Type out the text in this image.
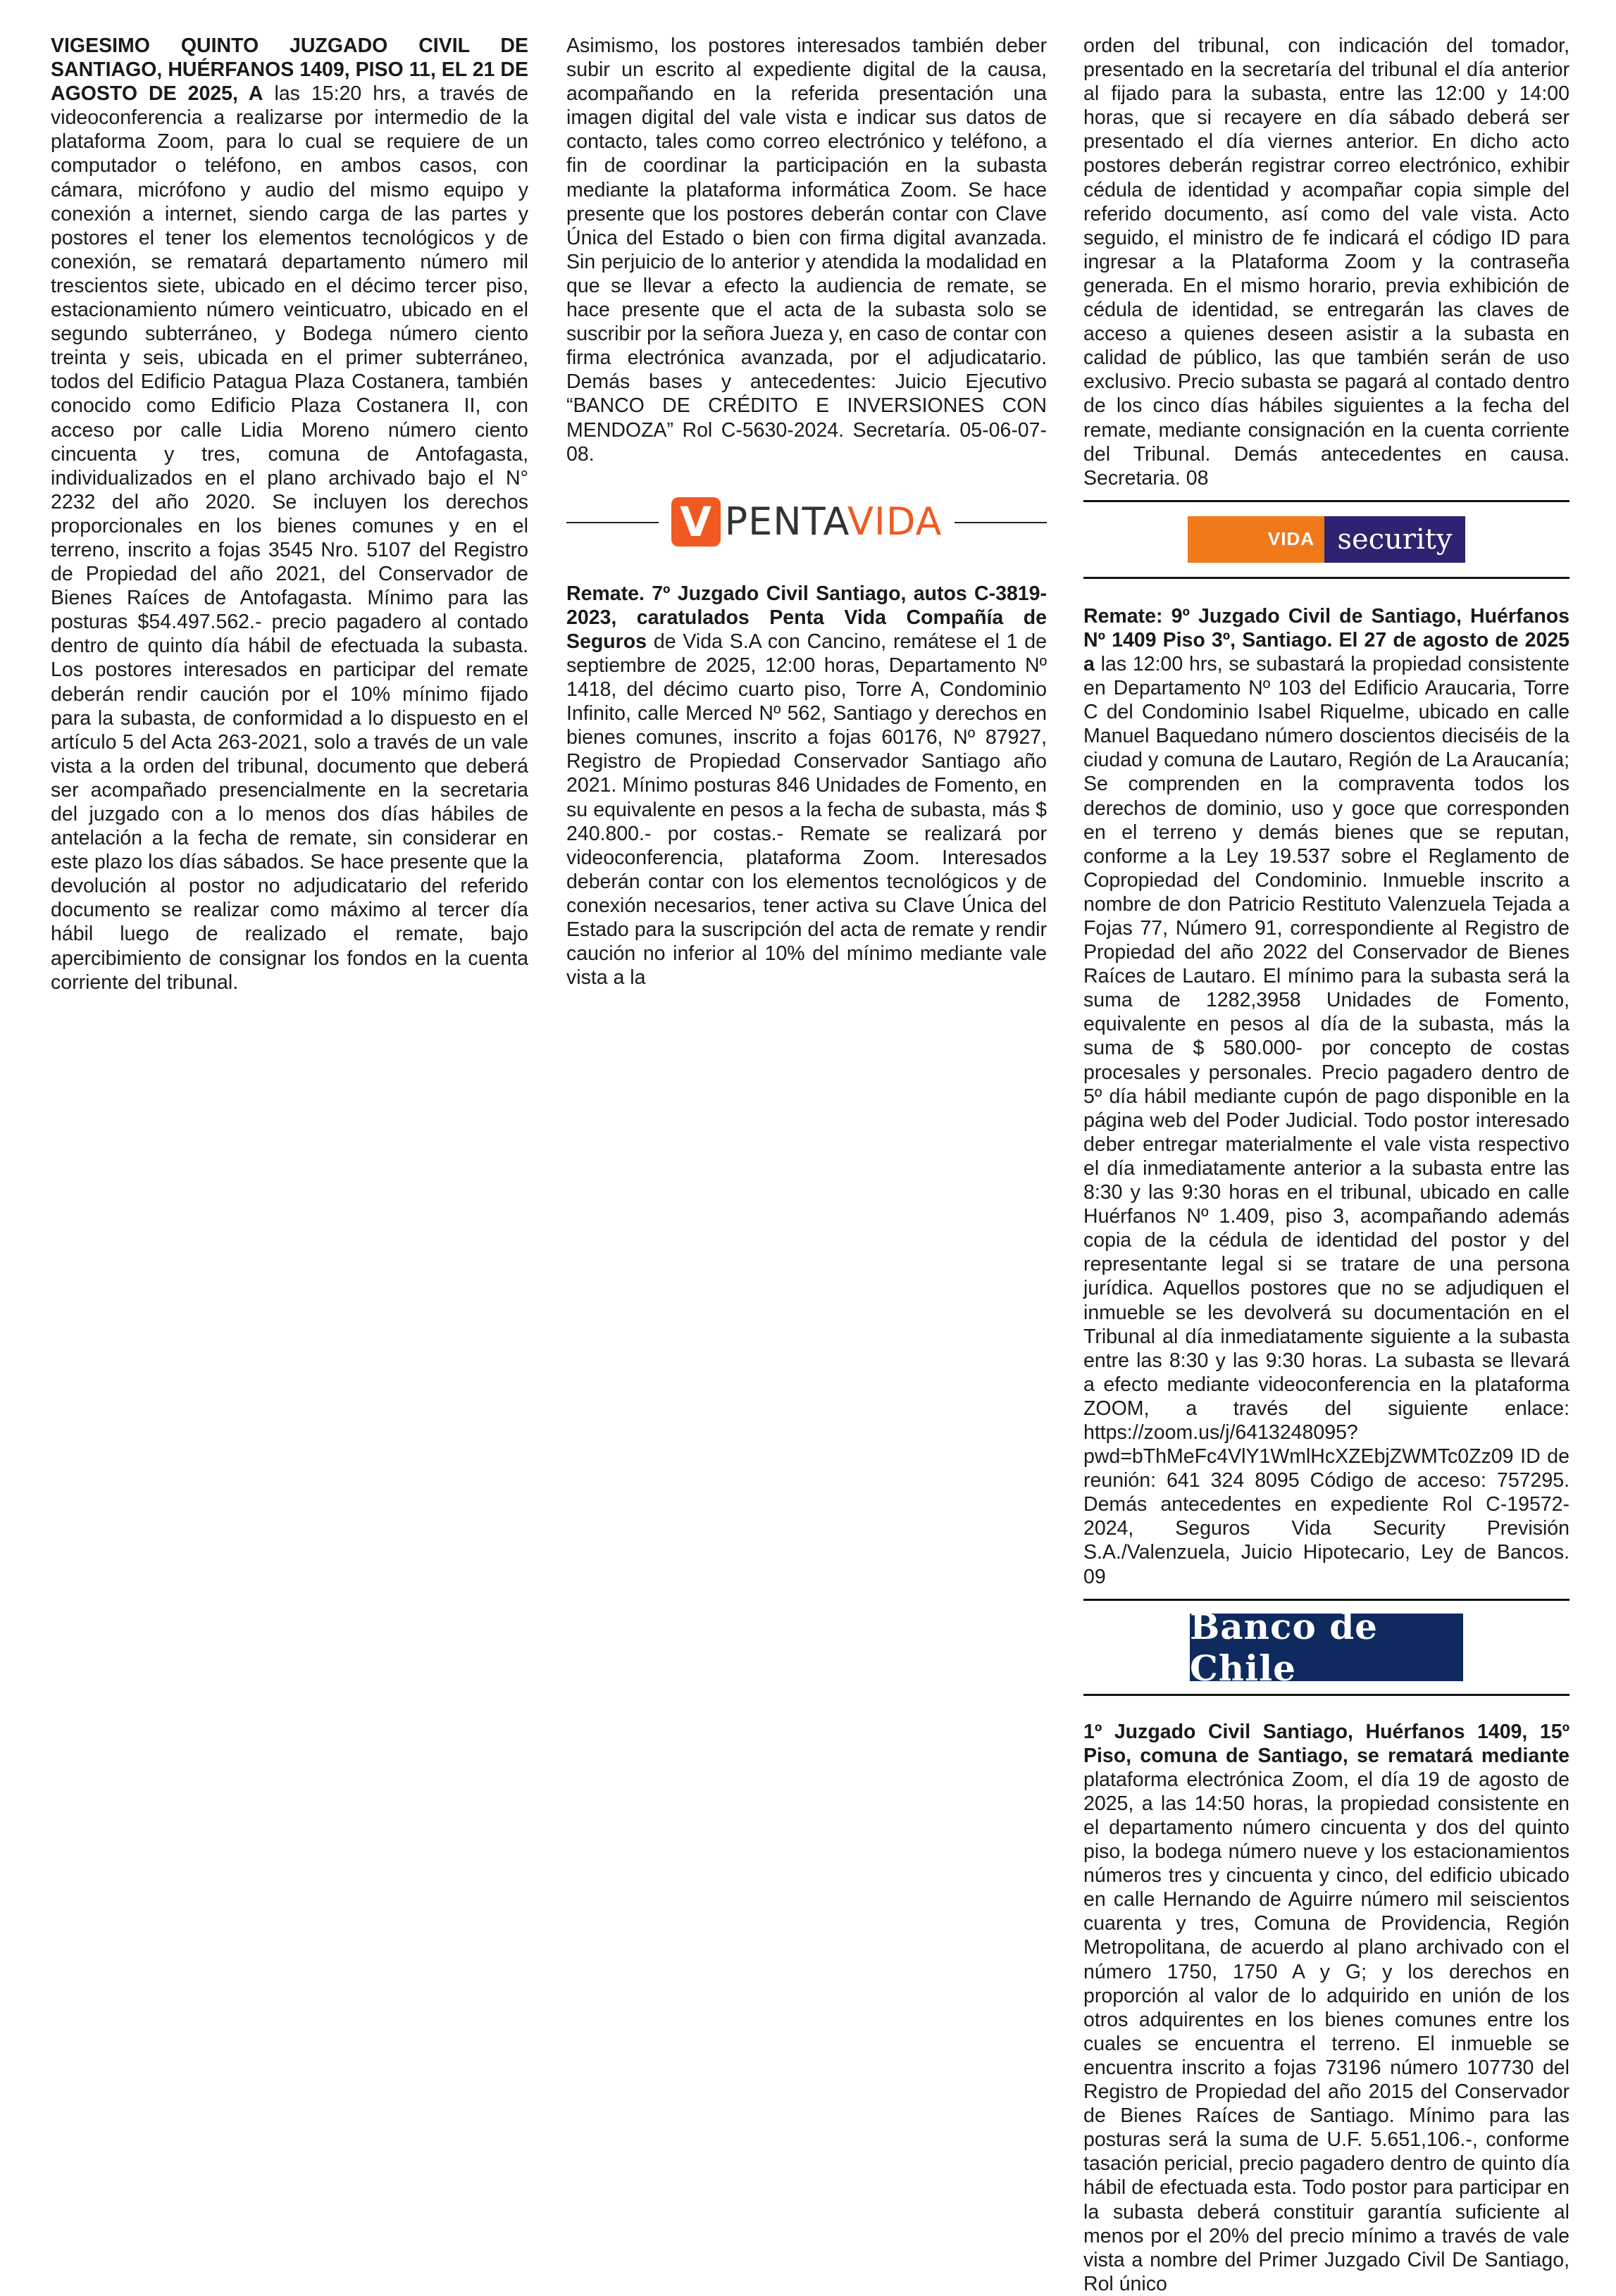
VIGESIMO QUINTO JUZGADO CIVIL DE SANTIAGO, HUÉRFANOS 1409, PISO 11, EL 21 DE AGOSTO DE 2025, A las 15:20 hrs, a través de videoconferencia a realizarse por intermedio de la plataforma Zoom, para lo cual se requiere de un computador o teléfono, en ambos casos, con cámara, micrófono y audio del mismo equipo y conexión a internet, siendo carga de las partes y postores el tener los elementos tecnológicos y de conexión, se rematará departamento número mil trescientos siete, ubicado en el décimo tercer piso, estacionamiento número veinticuatro, ubicado en el segundo subterráneo, y Bodega número ciento treinta y seis, ubicada en el primer subterráneo, todos del Edificio Patagua Plaza Costanera, también conocido como Edificio Plaza Costanera II, con acceso por calle Lidia Moreno número ciento cincuenta y tres, comuna de Antofagasta, individualizados en el plano archivado bajo el N° 2232 del año 2020. Se incluyen los derechos proporcionales en los bienes comunes y en el terreno, inscrito a fojas 3545 Nro. 5107 del Registro de Propiedad del año 2021, del Conservador de Bienes Raíces de Antofagasta. Mínimo para las posturas $54.497.562.- precio pagadero al contado dentro de quinto día hábil de efectuada la subasta. Los postores interesados en participar del remate deberán rendir caución por el 10% mínimo fijado para la subasta, de conformidad a lo dispuesto en el artículo 5 del Acta 263-2021, solo a través de un vale vista a la orden del tribunal, documento que deberá ser acompañado presencialmente en la secretaria del juzgado con a lo menos dos días hábiles de antelación a la fecha de remate, sin considerar en este plazo los días sábados. Se hace presente que la devolución al postor no adjudicatario del referido documento se realizar como máximo al tercer día hábil luego de realizado el remate, bajo apercibimiento de consignar los fondos en la cuenta corriente del tribunal.

Asimismo, los postores interesados también deber subir un escrito al expediente digital de la causa, acompañando en la referida presentación una imagen digital del vale vista e indicar sus datos de contacto, tales como correo electrónico y teléfono, a fin de coordinar la participación en la subasta mediante la plataforma informática Zoom. Se hace presente que los postores deberán contar con Clave Única del Estado o bien con firma digital avanzada. Sin perjuicio de lo anterior y atendida la modalidad en que se llevar a efecto la audiencia de remate, se hace presente que el acta de la subasta solo se suscribir por la señora Jueza y, en caso de contar con firma electrónica avanzada, por el adjudicatario. Demás bases y antecedentes: Juicio Ejecutivo “BANCO DE CRÉDITO E INVERSIONES CON MENDOZA” Rol C-5630-2024. Secretaría. 05-06-07-08.

V PENTAVIDA

Remate. 7º Juzgado Civil Santiago, autos C-3819-2023, caratulados Penta Vida Compañía de Seguros de Vida S.A con Cancino, remátese el 1 de septiembre de 2025, 12:00 horas, Departamento Nº 1418, del décimo cuarto piso, Torre A, Condominio Infinito, calle Merced Nº 562, Santiago y derechos en bienes comunes, inscrito a fojas 60176, Nº 87927, Registro de Propiedad Conservador Santiago año 2021. Mínimo posturas 846 Unidades de Fomento, en su equivalente en pesos a la fecha de subasta, más $ 240.800.- por costas.- Remate se realizará por videoconferencia, plataforma Zoom. Interesados deberán contar con los elementos tecnológicos y de conexión necesarios, tener activa su Clave Única del Estado para la suscripción del acta de remate y rendir caución no inferior al 10% del mínimo mediante vale vista a la

orden del tribunal, con indicación del tomador, presentado en la secretaría del tribunal el día anterior al fijado para la subasta, entre las 12:00 y 14:00 horas, que si recayere en día sábado deberá ser presentado el día viernes anterior. En dicho acto postores deberán registrar correo electrónico, exhibir cédula de identidad y acompañar copia simple del referido documento, así como del vale vista. Acto seguido, el ministro de fe indicará el código ID para ingresar a la Plataforma Zoom y la contraseña generada. En el mismo horario, previa exhibición de cédula de identidad, se entregarán las claves de acceso a quienes deseen asistir a la subasta en calidad de público, las que también serán de uso exclusivo. Precio subasta se pagará al contado dentro de los cinco días hábiles siguientes a la fecha del remate, mediante consignación en la cuenta corriente del Tribunal. Demás antecedentes en causa. Secretaria. 08

VIDA security

Remate: 9º Juzgado Civil de Santiago, Huérfanos Nº 1409 Piso 3º, Santiago. El 27 de agosto de 2025 a las 12:00 hrs, se subastará la propiedad consistente en Departamento Nº 103 del Edificio Araucaria, Torre C del Condominio Isabel Riquelme, ubicado en calle Manuel Baquedano número doscientos dieciséis de la ciudad y comuna de Lautaro, Región de La Araucanía; Se comprenden en la compraventa todos los derechos de dominio, uso y goce que corresponden en el terreno y demás bienes que se reputan, conforme a la Ley 19.537 sobre el Reglamento de Copropiedad del Condominio. Inmueble inscrito a nombre de don Patricio Restituto Valenzuela Tejada a Fojas 77, Número 91, correspondiente al Registro de Propiedad del año 2022 del Conservador de Bienes Raíces de Lautaro. El mínimo para la subasta será la suma de 1282,3958 Unidades de Fomento, equivalente en pesos al día de la subasta, más la suma de $ 580.000- por concepto de costas procesales y personales. Precio pagadero dentro de 5º día hábil mediante cupón de pago disponible en la página web del Poder Judicial. Todo postor interesado deber entregar materialmente el vale vista respectivo el día inmediatamente anterior a la subasta entre las 8:30 y las 9:30 horas en el tribunal, ubicado en calle Huérfanos Nº 1.409, piso 3, acompañando además copia de la cédula de identidad del postor y del representante legal si se tratare de una persona jurídica. Aquellos postores que no se adjudiquen el inmueble se les devolverá su documentación en el Tribunal al día inmediatamente siguiente a la subasta entre las 8:30 y las 9:30 horas. La subasta se llevará a efecto mediante videoconferencia en la plataforma ZOOM, a través del siguiente enlace: https://zoom.us/j/6413248095?pwd=bThMeFc4VlY1WmlHcXZEbjZWMTc0Zz09 ID de reunión: 641 324 8095 Código de acceso: 757295. Demás antecedentes en expediente Rol C-19572-2024, Seguros Vida Security Previsión S.A./Valenzuela, Juicio Hipotecario, Ley de Bancos. 09

Banco de Chile

1º Juzgado Civil Santiago, Huérfanos 1409, 15º Piso, comuna de Santiago, se rematará mediante plataforma electrónica Zoom, el día 19 de agosto de 2025, a las 14:50 horas, la propiedad consistente en el departamento número cincuenta y dos del quinto piso, la bodega número nueve y los estacionamientos números tres y cincuenta y cinco, del edificio ubicado en calle Hernando de Aguirre número mil seiscientos cuarenta y tres, Comuna de Providencia, Región Metropolitana, de acuerdo al plano archivado con el número 1750, 1750 A y G; y los derechos en proporción al valor de lo adquirido en unión de los otros adquirentes en los bienes comunes entre los cuales se encuentra el terreno. El inmueble se encuentra inscrito a fojas 73196 número 107730 del Registro de Propiedad del año 2015 del Conservador de Bienes Raíces de Santiago. Mínimo para las posturas será la suma de U.F. 5.651,106.-, conforme tasación pericial, precio pagadero dentro de quinto día hábil de efectuada esta. Todo postor para participar en la subasta deberá constituir garantía suficiente al menos por el 20% del precio mínimo a través de vale vista a nombre del Primer Juzgado Civil De Santiago, Rol único
